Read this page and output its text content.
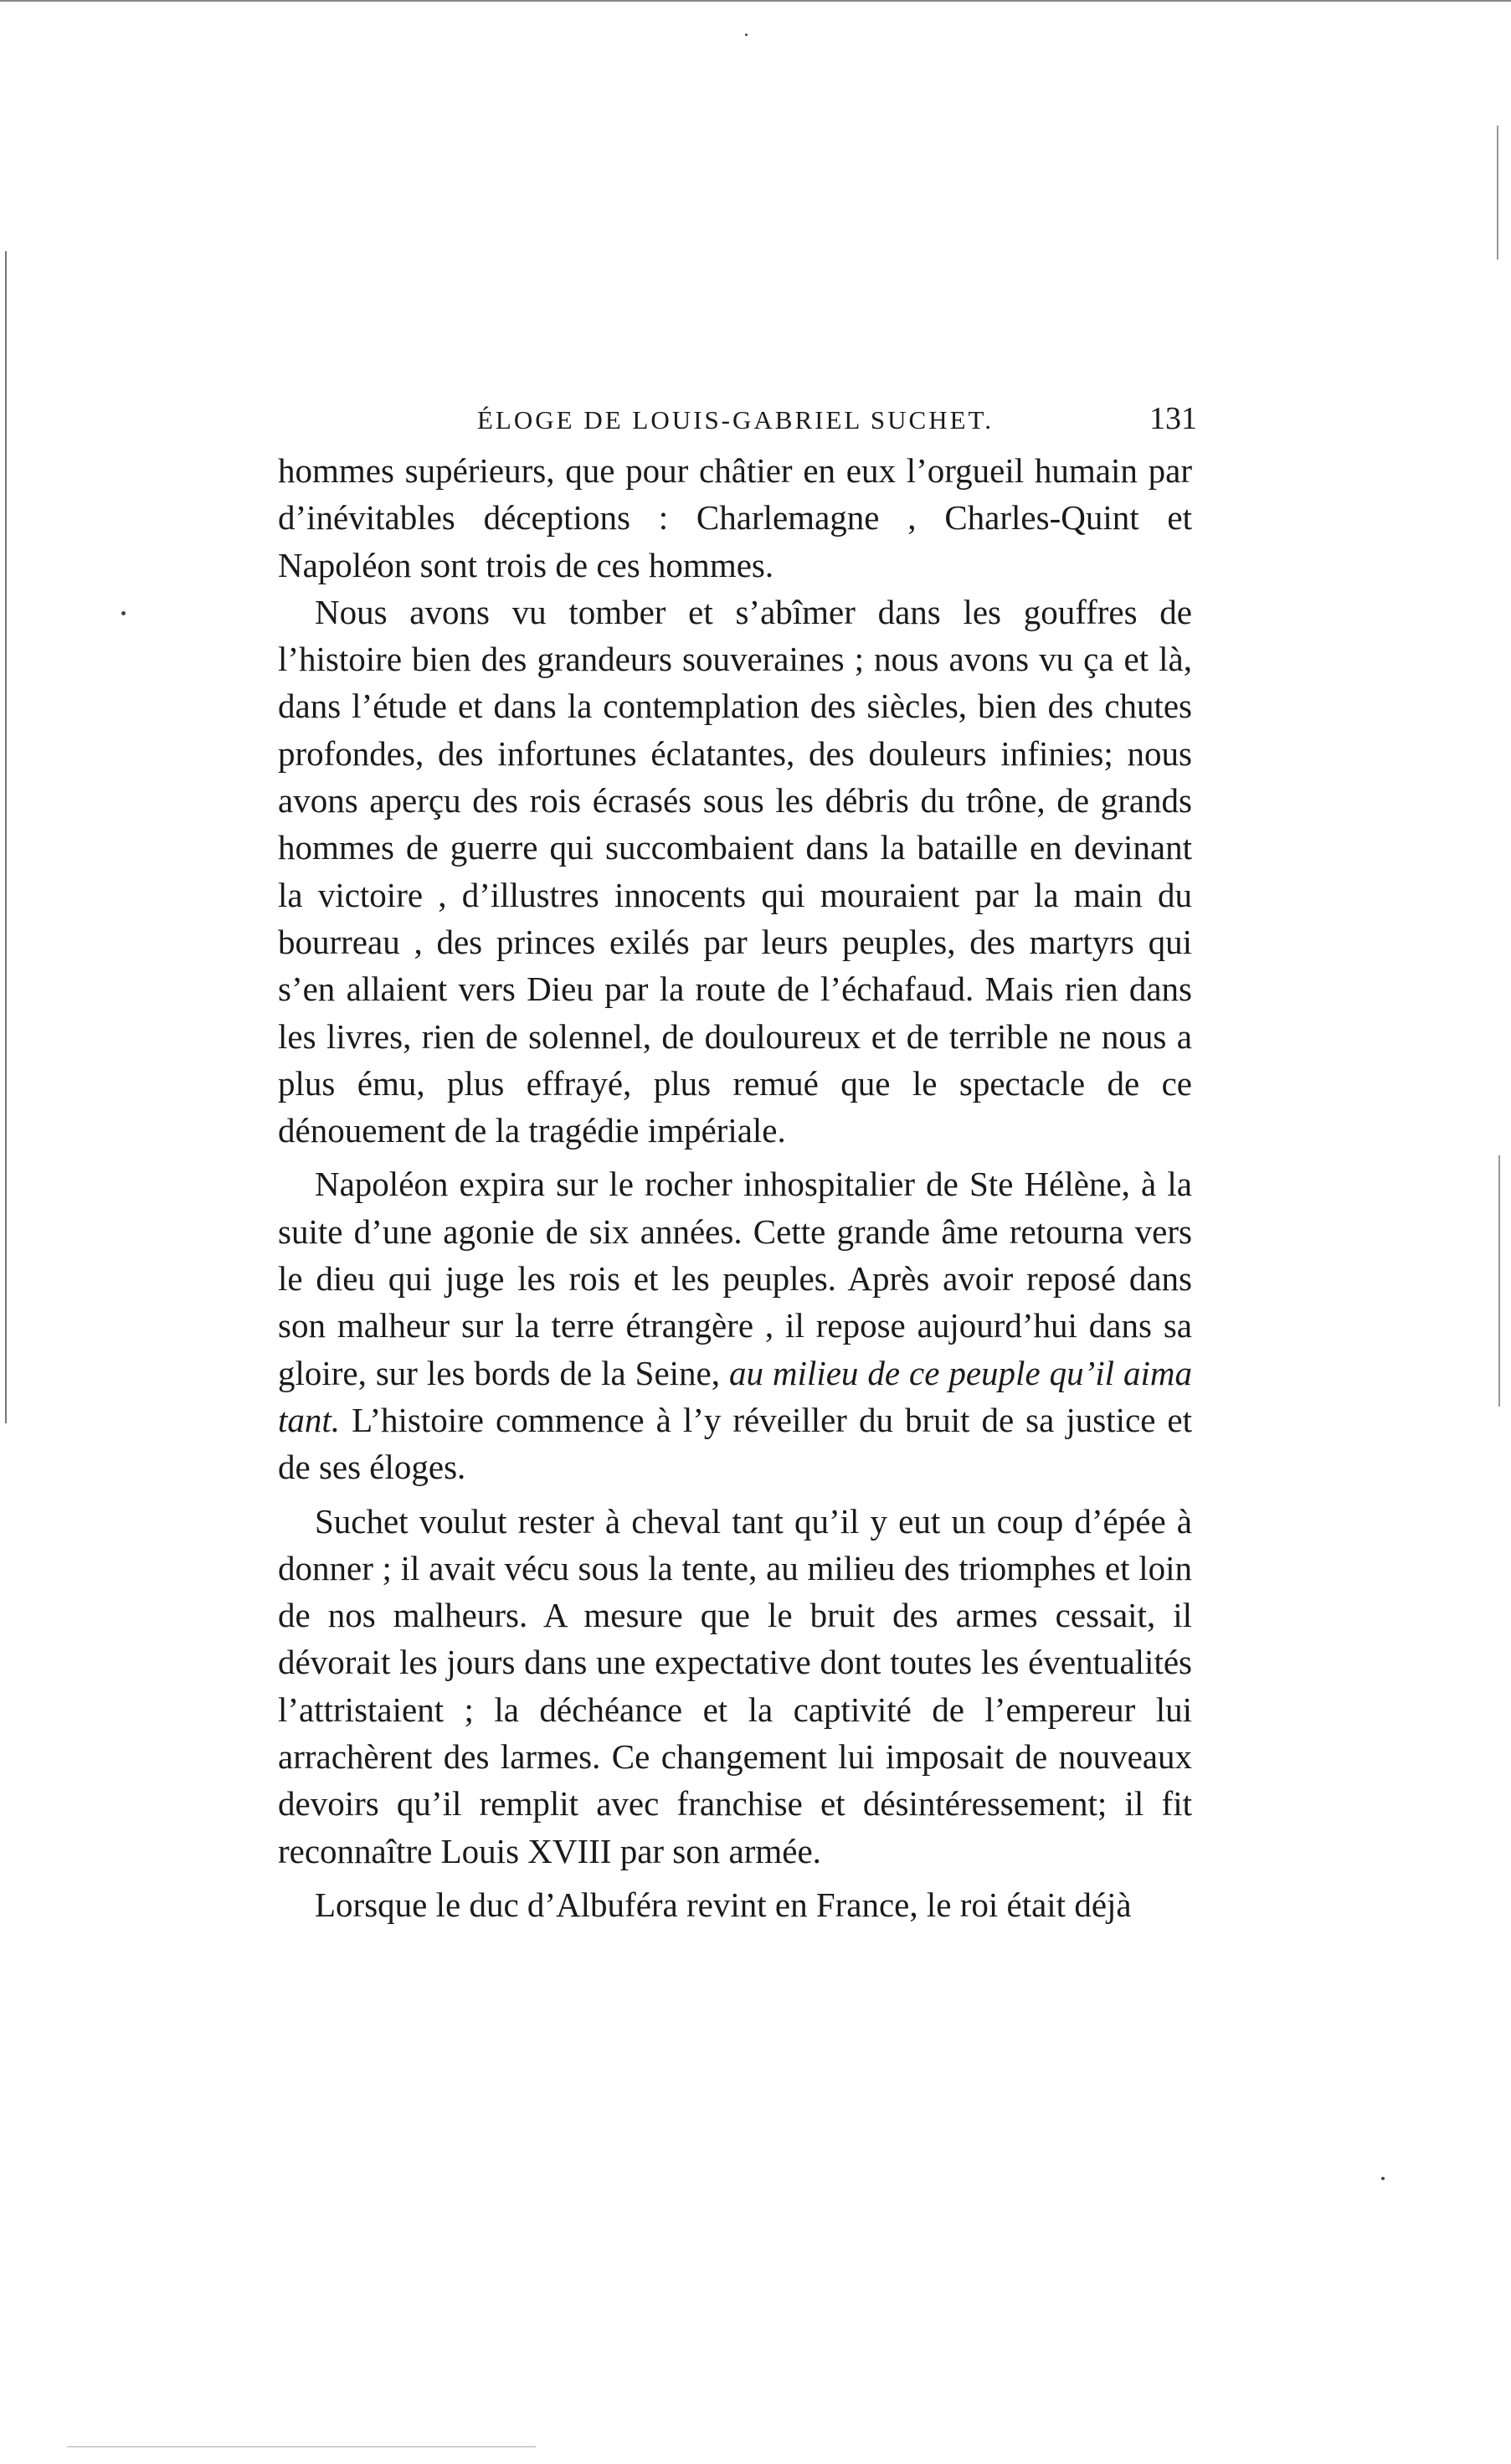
ÉLOGE DE LOUIS-GABRIEL SUCHET.	131

hommes supérieurs, que pour châtier en eux l’orgueil humain par d’inévitables déceptions : Charlemagne , Charles-Quint et Napoléon sont trois de ces hommes.

Nous avons vu tomber et s’abîmer dans les gouffres de l’histoire bien des grandeurs souveraines ; nous avons vu ça et là, dans l’étude et dans la contemplation des siècles, bien des chutes profondes, des infortunes éclatantes, des douleurs infinies; nous avons aperçu des rois écrasés sous les débris du trône, de grands hommes de guerre qui succombaient dans la bataille en devinant la victoire , d’illustres innocents qui mouraient par la main du bourreau , des princes exilés par leurs peuples, des martyrs qui s’en allaient vers Dieu par la route de l’échafaud. Mais rien dans les livres, rien de solennel, de douloureux et de terrible ne nous a plus ému, plus effrayé, plus remué que le spectacle de ce dénouement de la tragédie impériale.

Napoléon expira sur le rocher inhospitalier de Ste Hélène, à la suite d’une agonie de six années. Cette grande âme retourna vers le dieu qui juge les rois et les peuples. Après avoir reposé dans son malheur sur la terre étrangère , il repose aujourd’hui dans sa gloire, sur les bords de la Seine, au milieu de ce peuple qu’il aima tant. L’histoire commence à l’y réveiller du bruit de sa justice et de ses éloges.

Suchet voulut rester à cheval tant qu’il y eut un coup d’épée à donner ; il avait vécu sous la tente, au milieu des triomphes et loin de nos malheurs. A mesure que le bruit des armes cessait, il dévorait les jours dans une expectative dont toutes les éventualités l’attristaient ; la déchéance et la captivité de l’empereur lui arrachèrent des larmes. Ce changement lui imposait de nouveaux devoirs qu’il remplit avec franchise et désintéressement; il fit reconnaître Louis XVIII par son armée.

Lorsque le duc d’Albuféra revint en France, le roi était déjà
